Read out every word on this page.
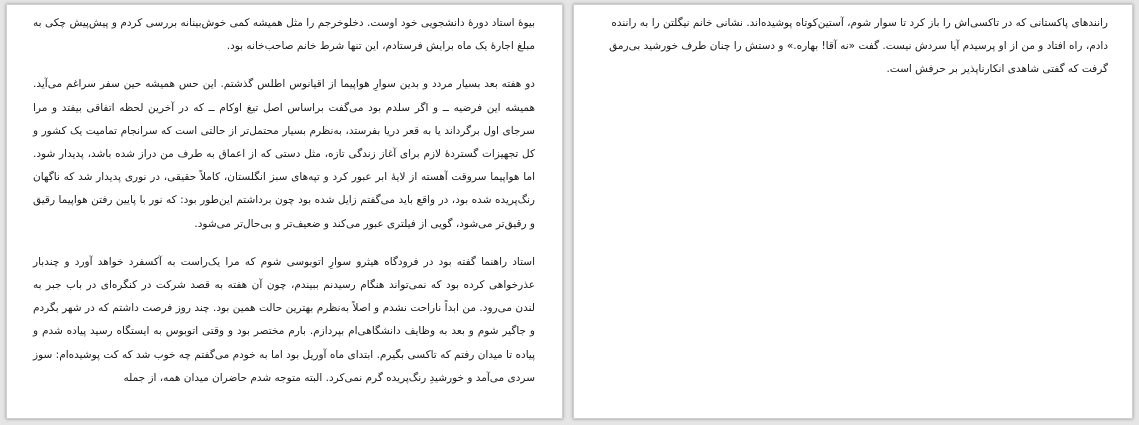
بیوهٔ استاد دورهٔ دانشجویی خود اوست. دخلوخرجم را مثل همیشه کمی خوش‌بینانه بررسی کردم و پیش‌پیش چکی به مبلغ اجارهٔ یک ماه برایش فرستادم، این تنها شرط خانم صاحب‌خانه بود.

دو هفته بعد بسیار مردد و بدین سوارِ هواپیما از اقیانوس اطلس گذشتم. این حس همیشه حین سفر سراغم می‌آید. همیشه این فرضیه ــ و اگر سلدم بود می‌گفت براساس اصل تیغ اوکام ــ که در آخرین لحظه اتفاقی بیفتد و مرا سرجای اول برگرداند یا به قعر دریا بفرستد، به‌نظرم بسیار محتمل‌تر از حالتی است که سرانجام تمامیت یک کشور و کل تجهیزات گستردهٔ لازم برای آغاز زندگی تازه، مثل دستی که از اعماق به طرف من دراز شده باشد، پدیدار شود. اما هواپیما سروقت آهسته از لایهٔ ابر عبور کرد و تپه‌های سبز انگلستان، کاملاً حقیقی، در نوری پدیدار شد که ناگهان رنگ‌پریده شده بود، در واقع باید می‌گفتم زایل شده بود چون برداشتم این‌طور بود: که نور با پایین رفتن هواپیما رقیق و رقیق‌تر می‌شود، گویی از فیلتری عبور می‌کند و ضعیف‌تر و بی‌حال‌تر می‌شود.

استاد راهنما گفته بود در فرودگاه هیثرو سوارِ اتوبوسی شوم که مرا یک‌راست به آکسفرد خواهد آورد و چندبار عذرخواهی کرده بود که نمی‌تواند هنگام رسیدنم ببیندم، چون آن هفته به قصد شرکت در کنگره‌ای در باب جبر به لندن می‌رود. من ابداً ناراحت نشدم و اصلاً به‌نظرم بهترین حالت همین بود. چند روز فرصت داشتم که در شهر بگردم و جاگیر شوم و بعد به وظایف دانشگاهی‌ام بپردازم. بارم مختصر بود و وقتی اتوبوس به ایستگاه رسید پیاده شدم و پیاده تا میدان رفتم که تاکسی بگیرم. ابتدای ماه آوریل بود اما به خودم می‌گفتم چه خوب شد که کت پوشیده‌ام: سوز سردی می‌آمد و خورشیدِ رنگ‌پریده گرم نمی‌کرد. البته متوجه شدم حاضران میدان همه، از جمله

رانندهای پاکستانی که در تاکسی‌اش را باز کرد تا سوار شوم، آستین‌کوتاه پوشیده‌اند. نشانی خانم نیگلتن را به راننده دادم، راه افتاد و من از او پرسیدم آیا سردش نیست. گفت «نه آقا! بهاره.» و دستش را چنان طرف خورشید بی‌رمق گرفت که گفتی شاهدی انکارناپذیر بر حرفش است.
